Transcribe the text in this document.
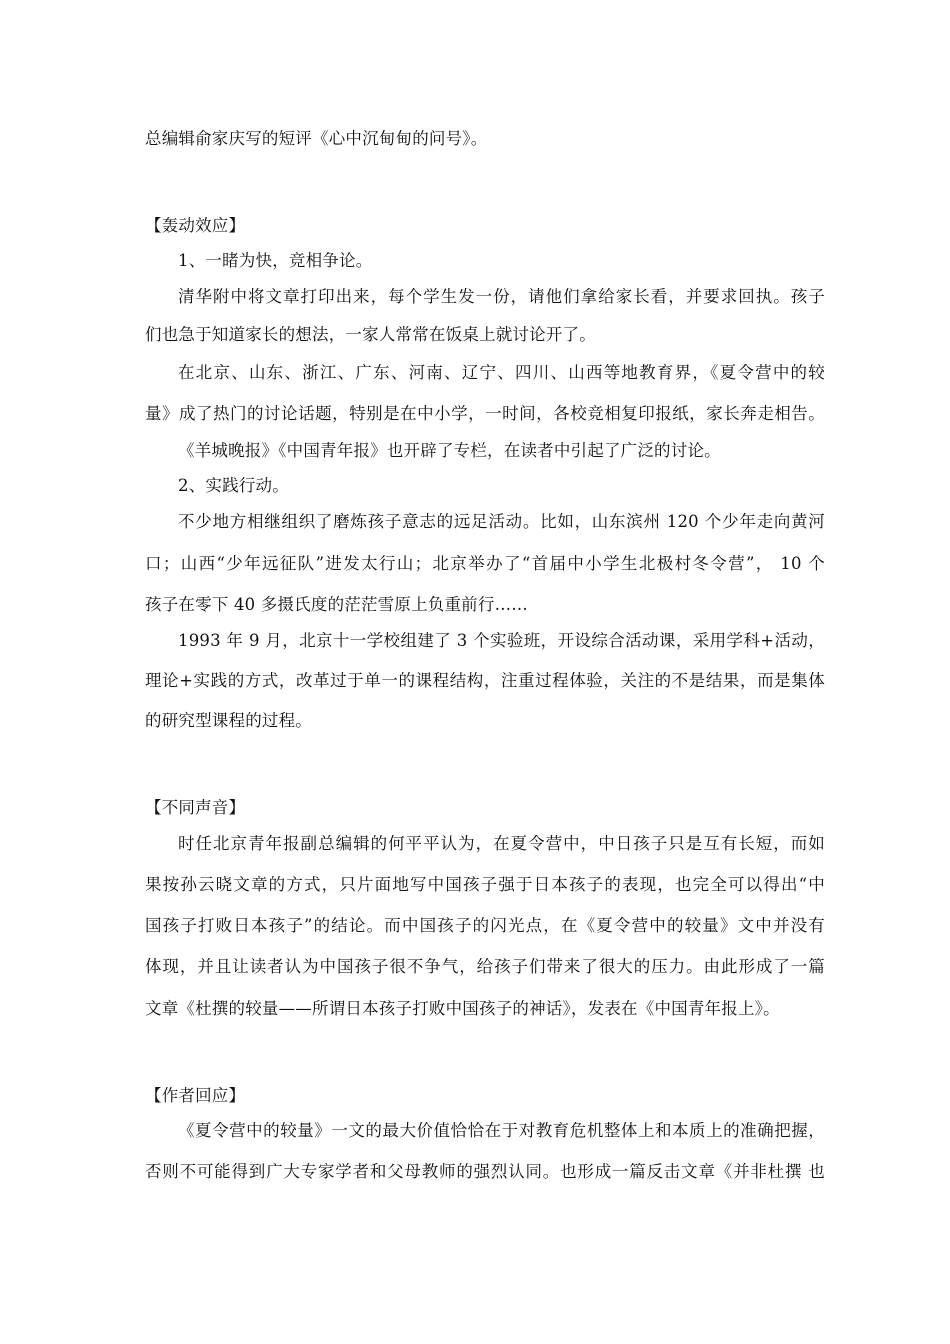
总编辑俞家庆写的短评《心中沉甸甸的问号》。
【轰动效应】
1、一睹为快，竞相争论。
清华附中将文章打印出来，每个学生发一份，请他们拿给家长看，并要求回执。孩子
们也急于知道家长的想法，一家人常常在饭桌上就讨论开了。
在北京、山东、浙江、广东、河南、辽宁、四川、山西等地教育界，《夏令营中的较
量》成了热门的讨论话题，特别是在中小学，一时间，各校竞相复印报纸，家长奔走相告。
《羊城晚报》《中国青年报》也开辟了专栏，在读者中引起了广泛的讨论。
2、实践行动。
不少地方相继组织了磨炼孩子意志的远足活动。比如，山东滨州 120 个少年走向黄河
口；山西“少年远征队”进发太行山；北京举办了“首届中小学生北极村冬令营”， 10 个
孩子在零下 40 多摄氏度的茫茫雪原上负重前行……
1993 年 9 月，北京十一学校组建了 3 个实验班，开设综合活动课，采用学科+活动，
理论+实践的方式，改革过于单一的课程结构，注重过程体验，关注的不是结果，而是集体
的研究型课程的过程。
【不同声音】
时任北京青年报副总编辑的何平平认为，在夏令营中，中日孩子只是互有长短，而如
果按孙云晓文章的方式，只片面地写中国孩子强于日本孩子的表现，也完全可以得出“中
国孩子打败日本孩子”的结论。而中国孩子的闪光点，在《夏令营中的较量》文中并没有
体现，并且让读者认为中国孩子很不争气，给孩子们带来了很大的压力。由此形成了一篇
文章《杜撰的较量——所谓日本孩子打败中国孩子的神话》，发表在《中国青年报上》。
【作者回应】
《夏令营中的较量》一文的最大价值恰恰在于对教育危机整体上和本质上的准确把握，
否则不可能得到广大专家学者和父母教师的强烈认同。也形成一篇反击文章《并非杜撰 也
